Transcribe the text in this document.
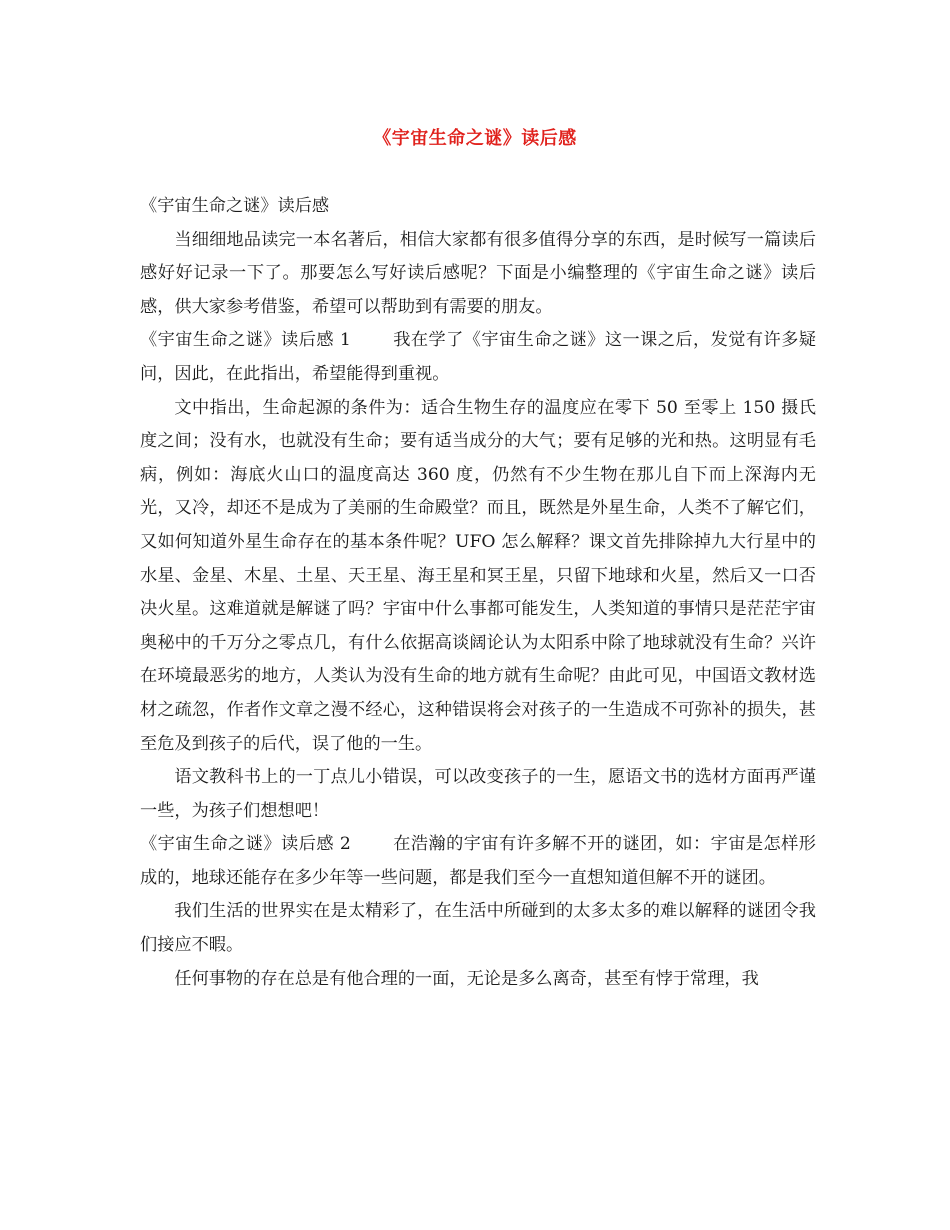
《宇宙生命之谜》读后感

《宇宙生命之谜》读后感

当细细地品读完一本名著后，相信大家都有很多值得分享的东西，是时候写一篇读后感好好记录一下了。那要怎么写好读后感呢？下面是小编整理的《宇宙生命之谜》读后感，供大家参考借鉴，希望可以帮助到有需要的朋友。

《宇宙生命之谜》读后感 1 我在学了《宇宙生命之谜》这一课之后，发觉有许多疑问，因此，在此指出，希望能得到重视。

文中指出，生命起源的条件为：适合生物生存的温度应在零下 50 至零上 150 摄氏度之间；没有水，也就没有生命；要有适当成分的大气；要有足够的光和热。这明显有毛病，例如：海底火山口的温度高达 360 度，仍然有不少生物在那儿自下而上深海内无光，又冷，却还不是成为了美丽的生命殿堂？而且，既然是外星生命，人类不了解它们，又如何知道外星生命存在的基本条件呢？UFO 怎么解释？课文首先排除掉九大行星中的水星、金星、木星、土星、天王星、海王星和冥王星，只留下地球和火星，然后又一口否决火星。这难道就是解谜了吗？宇宙中什么事都可能发生，人类知道的事情只是茫茫宇宙奥秘中的千万分之零点几，有什么依据高谈阔论认为太阳系中除了地球就没有生命？兴许在环境最恶劣的地方，人类认为没有生命的地方就有生命呢？由此可见，中国语文教材选材之疏忽，作者作文章之漫不经心，这种错误将会对孩子的一生造成不可弥补的损失，甚至危及到孩子的后代，误了他的一生。

语文教科书上的一丁点儿小错误，可以改变孩子的一生，愿语文书的选材方面再严谨一些，为孩子们想想吧！

《宇宙生命之谜》读后感 2 在浩瀚的宇宙有许多解不开的谜团，如：宇宙是怎样形成的，地球还能存在多少年等一些问题，都是我们至今一直想知道但解不开的谜团。

我们生活的世界实在是太精彩了，在生活中所碰到的太多太多的难以解释的谜团令我们接应不暇。

任何事物的存在总是有他合理的一面，无论是多么离奇，甚至有悖于常理，我
